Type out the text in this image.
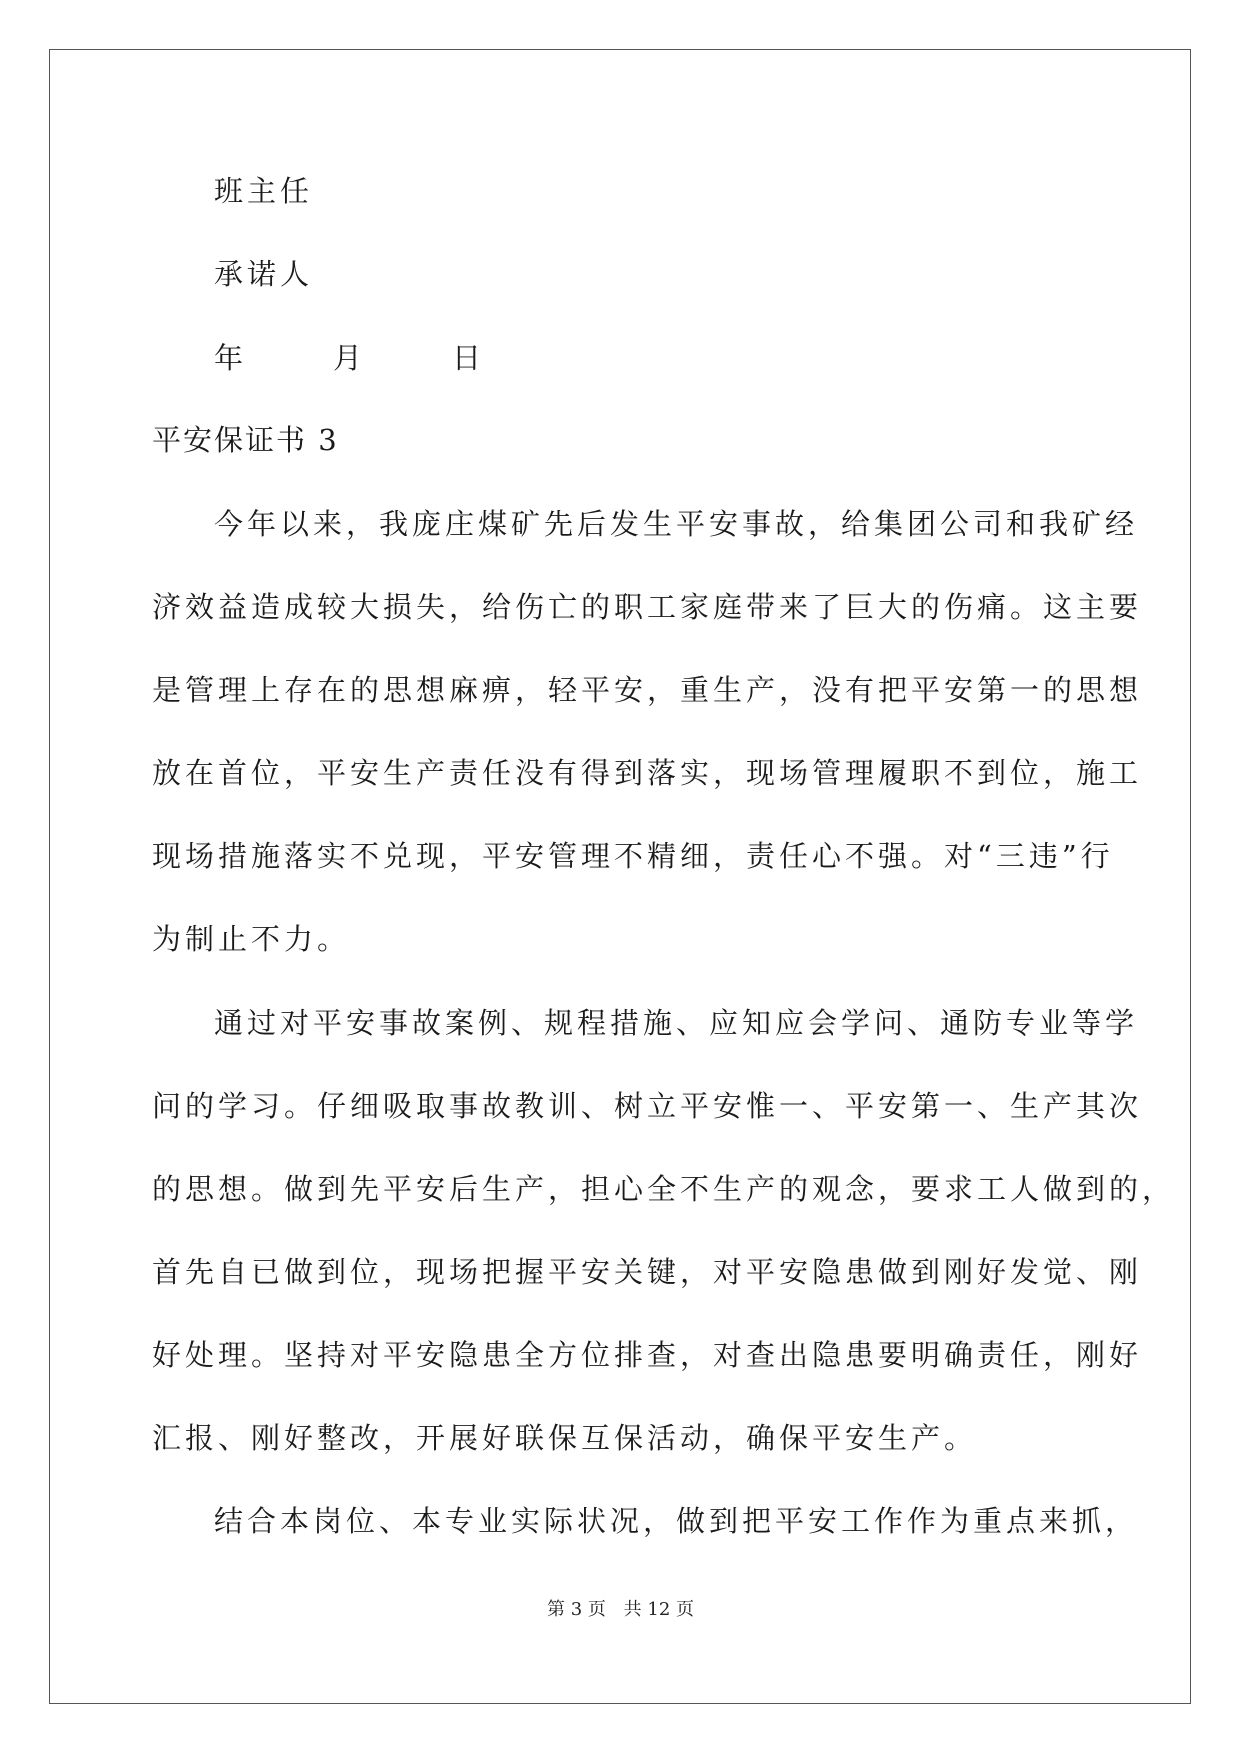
班主任
承诺人
年	月	日
平安保证书 3
今年以来，我庞庄煤矿先后发生平安事故，给集团公司和我矿经
济效益造成较大损失，给伤亡的职工家庭带来了巨大的伤痛。这主要
是管理上存在的思想麻痹，轻平安，重生产，没有把平安第一的思想
放在首位，平安生产责任没有得到落实，现场管理履职不到位，施工
现场措施落实不兑现，平安管理不精细，责任心不强。对“三违”行
为制止不力。
通过对平安事故案例、规程措施、应知应会学问、通防专业等学
问的学习。仔细吸取事故教训、树立平安惟一、平安第一、生产其次
的思想。做到先平安后生产，担心全不生产的观念，要求工人做到的，
首先自已做到位，现场把握平安关键，对平安隐患做到刚好发觉、刚
好处理。坚持对平安隐患全方位排查，对查出隐患要明确责任，刚好
汇报、刚好整改，开展好联保互保活动，确保平安生产。
结合本岗位、本专业实际状况，做到把平安工作作为重点来抓，
第 3 页 共 12 页
